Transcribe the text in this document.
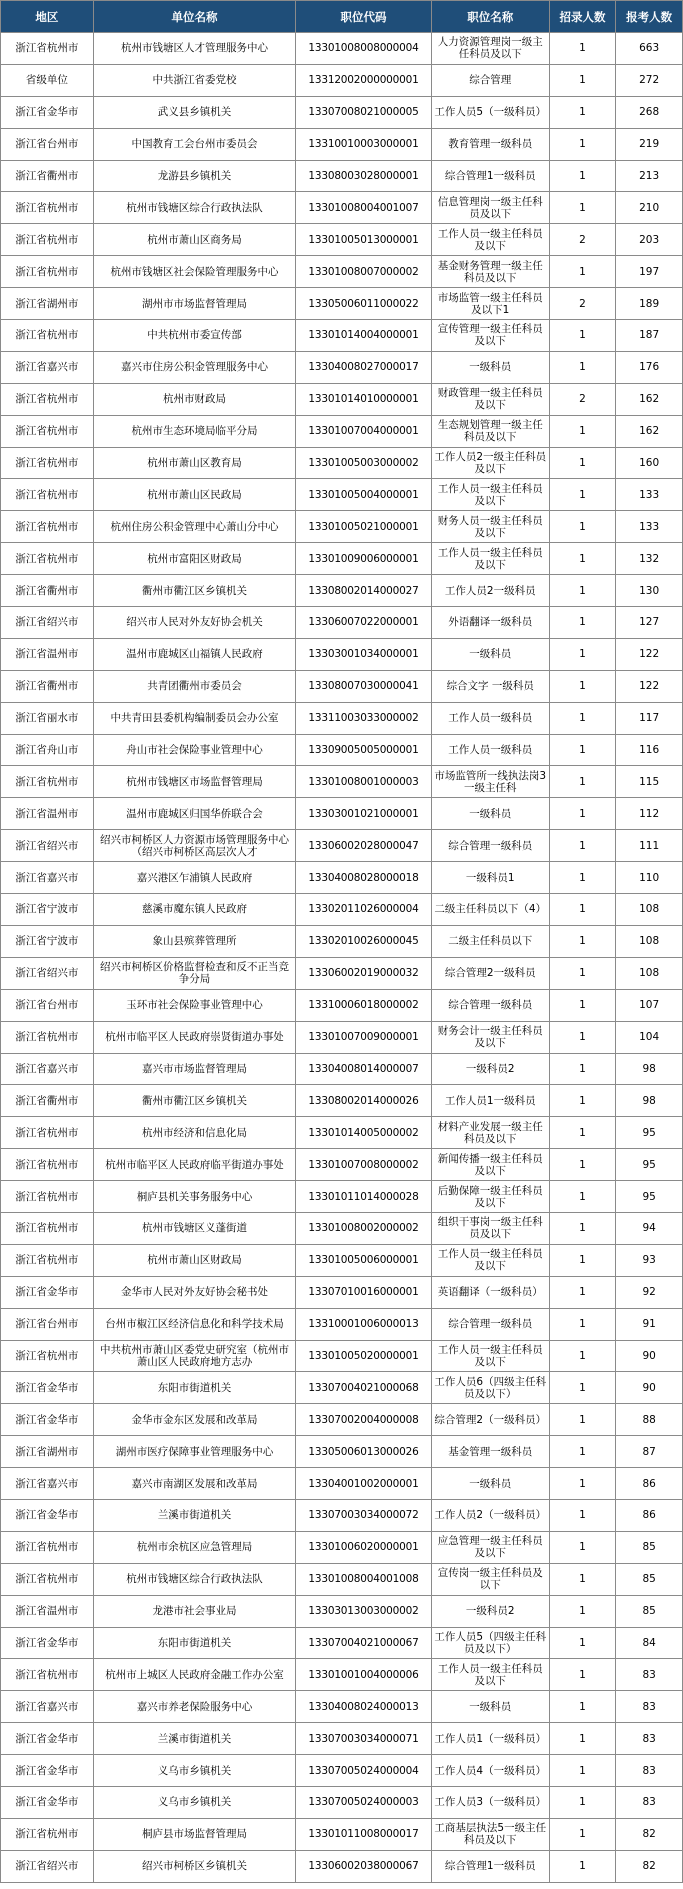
地区	单位名称	职位代码	职位名称	招录人数	报考人数

浙江省杭州市	杭州市钱塘区人才管理服务中心	13301008008000004	人力资源管理岗一级主任科员及以下	1	663

省级单位	中共浙江省委党校	13312002000000001	综合管理	1	272

浙江省金华市	武义县乡镇机关	13307008021000005	工作人员5（一级科员）	1	268

浙江省台州市	中国教育工会台州市委员会	13310010003000001	教育管理一级科员	1	219

浙江省衢州市	龙游县乡镇机关	13308003028000001	综合管理1一级科员	1	213

浙江省杭州市	杭州市钱塘区综合行政执法队	13301008004001007	信息管理岗一级主任科员及以下	1	210

浙江省杭州市	杭州市萧山区商务局	13301005013000001	工作人员一级主任科员及以下	2	203

浙江省杭州市	杭州市钱塘区社会保险管理服务中心	13301008007000002	基金财务管理一级主任科员及以下	1	197

浙江省湖州市	湖州市市场监督管理局	13305006011000022	市场监管一级主任科员及以下1	2	189

浙江省杭州市	中共杭州市委宣传部	13301014004000001	宣传管理一级主任科员及以下	1	187

浙江省嘉兴市	嘉兴市住房公积金管理服务中心	13304008027000017	一级科员	1	176

浙江省杭州市	杭州市财政局	13301014010000001	财政管理一级主任科员及以下	2	162

浙江省杭州市	杭州市生态环境局临平分局	13301007004000001	生态规划管理一级主任科员及以下	1	162

浙江省杭州市	杭州市萧山区教育局	13301005003000002	工作人员2一级主任科员及以下	1	160

浙江省杭州市	杭州市萧山区民政局	13301005004000001	工作人员一级主任科员及以下	1	133

浙江省杭州市	杭州住房公积金管理中心萧山分中心	13301005021000001	财务人员一级主任科员及以下	1	133

浙江省杭州市	杭州市富阳区财政局	13301009006000001	工作人员一级主任科员及以下	1	132

浙江省衢州市	衢州市衢江区乡镇机关	13308002014000027	工作人员2一级科员	1	130

浙江省绍兴市	绍兴市人民对外友好协会机关	13306007022000001	外语翻译一级科员	1	127

浙江省温州市	温州市鹿城区山福镇人民政府	13303001034000001	一级科员	1	122

浙江省衢州市	共青团衢州市委员会	13308007030000041	综合文字 一级科员	1	122

浙江省丽水市	中共青田县委机构编制委员会办公室	13311003033000002	工作人员一级科员	1	117

浙江省舟山市	舟山市社会保险事业管理中心	13309005005000001	工作人员一级科员	1	116

浙江省杭州市	杭州市钱塘区市场监督管理局	13301008001000003	市场监管所一线执法岗3一级主任科	1	115

浙江省温州市	温州市鹿城区归国华侨联合会	13303001021000001	一级科员	1	112

浙江省绍兴市	绍兴市柯桥区人力资源市场管理服务中心（绍兴市柯桥区高层次人才	13306002028000047	综合管理一级科员	1	111

浙江省嘉兴市	嘉兴港区乍浦镇人民政府	13304008028000018	一级科员1	1	110

浙江省宁波市	慈溪市魔东镇人民政府	13302011026000004	二级主任科员以下（4）	1	108

浙江省宁波市	象山县殡葬管理所	13302010026000045	二级主任科员以下	1	108

浙江省绍兴市	绍兴市柯桥区价格监督检查和反不正当竞争分局	13306002019000032	综合管理2一级科员	1	108

浙江省台州市	玉环市社会保险事业管理中心	13310006018000002	综合管理一级科员	1	107

浙江省杭州市	杭州市临平区人民政府崇贤街道办事处	13301007009000001	财务会计一级主任科员及以下	1	104

浙江省嘉兴市	嘉兴市市场监督管理局	13304008014000007	一级科员2	1	98

浙江省衢州市	衢州市衢江区乡镇机关	13308002014000026	工作人员1一级科员	1	98

浙江省杭州市	杭州市经济和信息化局	13301014005000002	材料产业发展一级主任科员及以下	1	95

浙江省杭州市	杭州市临平区人民政府临平街道办事处	13301007008000002	新闻传播一级主任科员及以下	1	95

浙江省杭州市	桐庐县机关事务服务中心	13301011014000028	后勤保障一级主任科员及以下	1	95

浙江省杭州市	杭州市钱塘区义蓬街道	13301008002000002	组织干事岗一级主任科员及以下	1	94

浙江省杭州市	杭州市萧山区财政局	13301005006000001	工作人员一级主任科员及以下	1	93

浙江省金华市	金华市人民对外友好协会秘书处	13307010016000001	英语翻译（一级科员）	1	92

浙江省台州市	台州市椒江区经济信息化和科学技术局	13310001006000013	综合管理一级科员	1	91

浙江省杭州市	中共杭州市萧山区委党史研究室（杭州市萧山区人民政府地方志办	13301005020000001	工作人员一级主任科员及以下	1	90

浙江省金华市	东阳市街道机关	13307004021000068	工作人员6（四级主任科员及以下）	1	90

浙江省金华市	金华市金东区发展和改革局	13307002004000008	综合管理2（一级科员）	1	88

浙江省湖州市	湖州市医疗保障事业管理服务中心	13305006013000026	基金管理一级科员	1	87

浙江省嘉兴市	嘉兴市南湖区发展和改革局	13304001002000001	一级科员	1	86

浙江省金华市	兰溪市街道机关	13307003034000072	工作人员2（一级科员）	1	86

浙江省杭州市	杭州市余杭区应急管理局	13301006020000001	应急管理一级主任科员及以下	1	85

浙江省杭州市	杭州市钱塘区综合行政执法队	13301008004001008	宣传岗一级主任科员及以下	1	85

浙江省温州市	龙港市社会事业局	13303013003000002	一级科员2	1	85

浙江省金华市	东阳市街道机关	13307004021000067	工作人员5（四级主任科员及以下）	1	84

浙江省杭州市	杭州市上城区人民政府金融工作办公室	13301001004000006	工作人员一级主任科员及以下	1	83

浙江省嘉兴市	嘉兴市养老保险服务中心	13304008024000013	一级科员	1	83

浙江省金华市	兰溪市街道机关	13307003034000071	工作人员1（一级科员）	1	83

浙江省金华市	义乌市乡镇机关	13307005024000004	工作人员4（一级科员）	1	83

浙江省金华市	义乌市乡镇机关	13307005024000003	工作人员3（一级科员）	1	83

浙江省杭州市	桐庐县市场监督管理局	13301011008000017	工商基层执法5一级主任科员及以下	1	82

浙江省绍兴市	绍兴市柯桥区乡镇机关	13306002038000067	综合管理1一级科员	1	82
